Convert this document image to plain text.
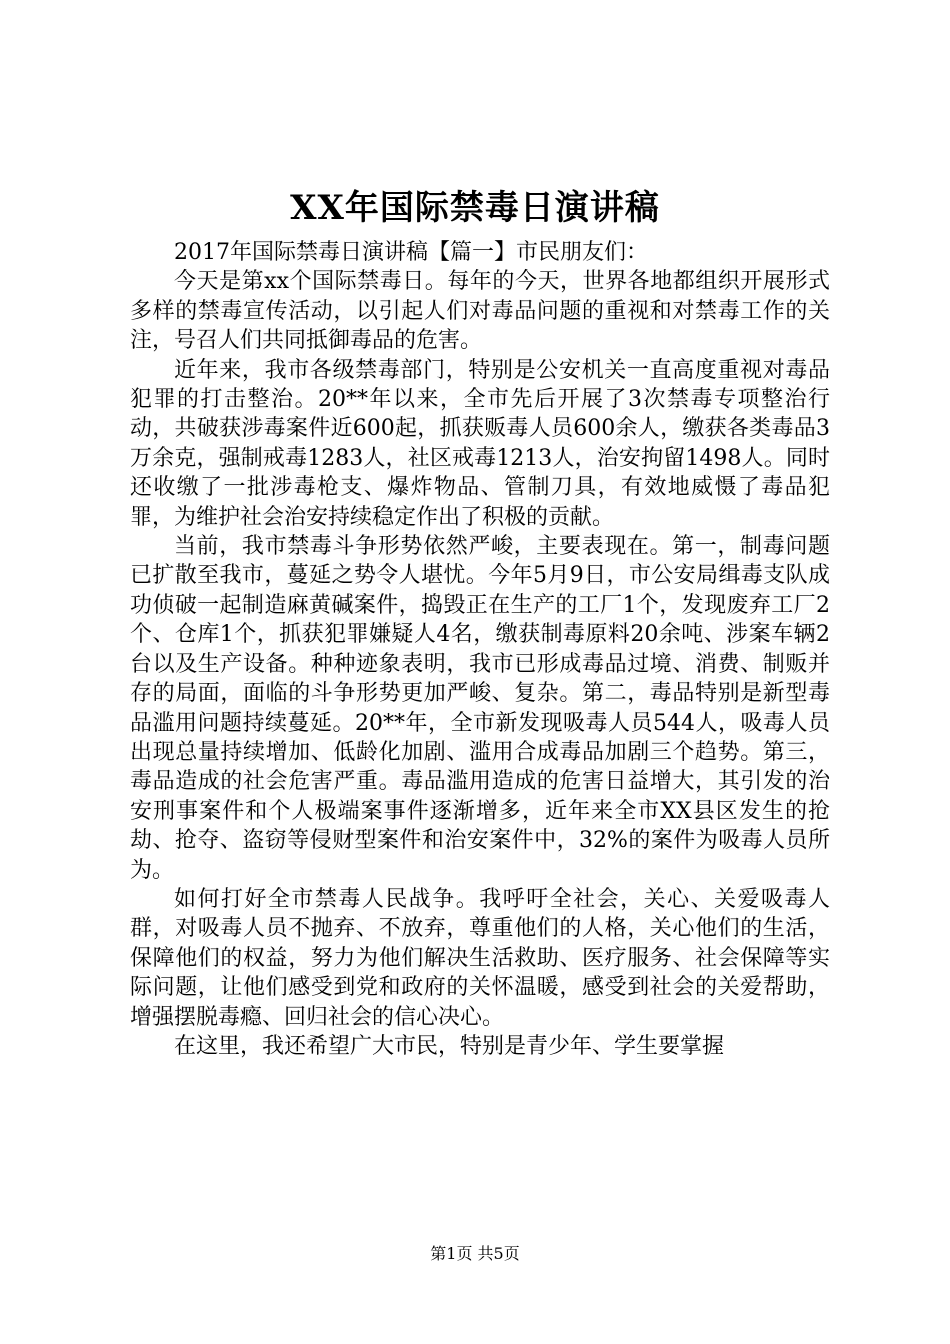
XX年国际禁毒日演讲稿

2017年国际禁毒日演讲稿【篇一】市民朋友们：

今天是第xx个国际禁毒日。每年的今天，世界各地都组织开展形式多样的禁毒宣传活动，以引起人们对毒品问题的重视和对禁毒工作的关注，号召人们共同抵御毒品的危害。

近年来，我市各级禁毒部门，特别是公安机关一直高度重视对毒品犯罪的打击整治。20**年以来，全市先后开展了3次禁毒专项整治行动，共破获涉毒案件近600起，抓获贩毒人员600余人，缴获各类毒品3万余克，强制戒毒1283人，社区戒毒1213人，治安拘留1498人。同时还收缴了一批涉毒枪支、爆炸物品、管制刀具，有效地威慑了毒品犯罪，为维护社会治安持续稳定作出了积极的贡献。

当前，我市禁毒斗争形势依然严峻，主要表现在。第一，制毒问题已扩散至我市，蔓延之势令人堪忧。今年5月9日，市公安局缉毒支队成功侦破一起制造麻黄碱案件，捣毁正在生产的工厂1个，发现废弃工厂2个、仓库1个，抓获犯罪嫌疑人4名，缴获制毒原料20余吨、涉案车辆2台以及生产设备。种种迹象表明，我市已形成毒品过境、消费、制贩并存的局面，面临的斗争形势更加严峻、复杂。第二，毒品特别是新型毒品滥用问题持续蔓延。20**年，全市新发现吸毒人员544人，吸毒人员出现总量持续增加、低龄化加剧、滥用合成毒品加剧三个趋势。第三，毒品造成的社会危害严重。毒品滥用造成的危害日益增大，其引发的治安刑事案件和个人极端案事件逐渐增多，近年来全市XX县区发生的抢劫、抢夺、盗窃等侵财型案件和治安案件中，32%的案件为吸毒人员所为。

如何打好全市禁毒人民战争。我呼吁全社会，关心、关爱吸毒人群，对吸毒人员不抛弃、不放弃，尊重他们的人格，关心他们的生活，保障他们的权益，努力为他们解决生活救助、医疗服务、社会保障等实际问题，让他们感受到党和政府的关怀温暖，感受到社会的关爱帮助，增强摆脱毒瘾、回归社会的信心决心。

在这里，我还希望广大市民，特别是青少年、学生要掌握

第1页 共5页
